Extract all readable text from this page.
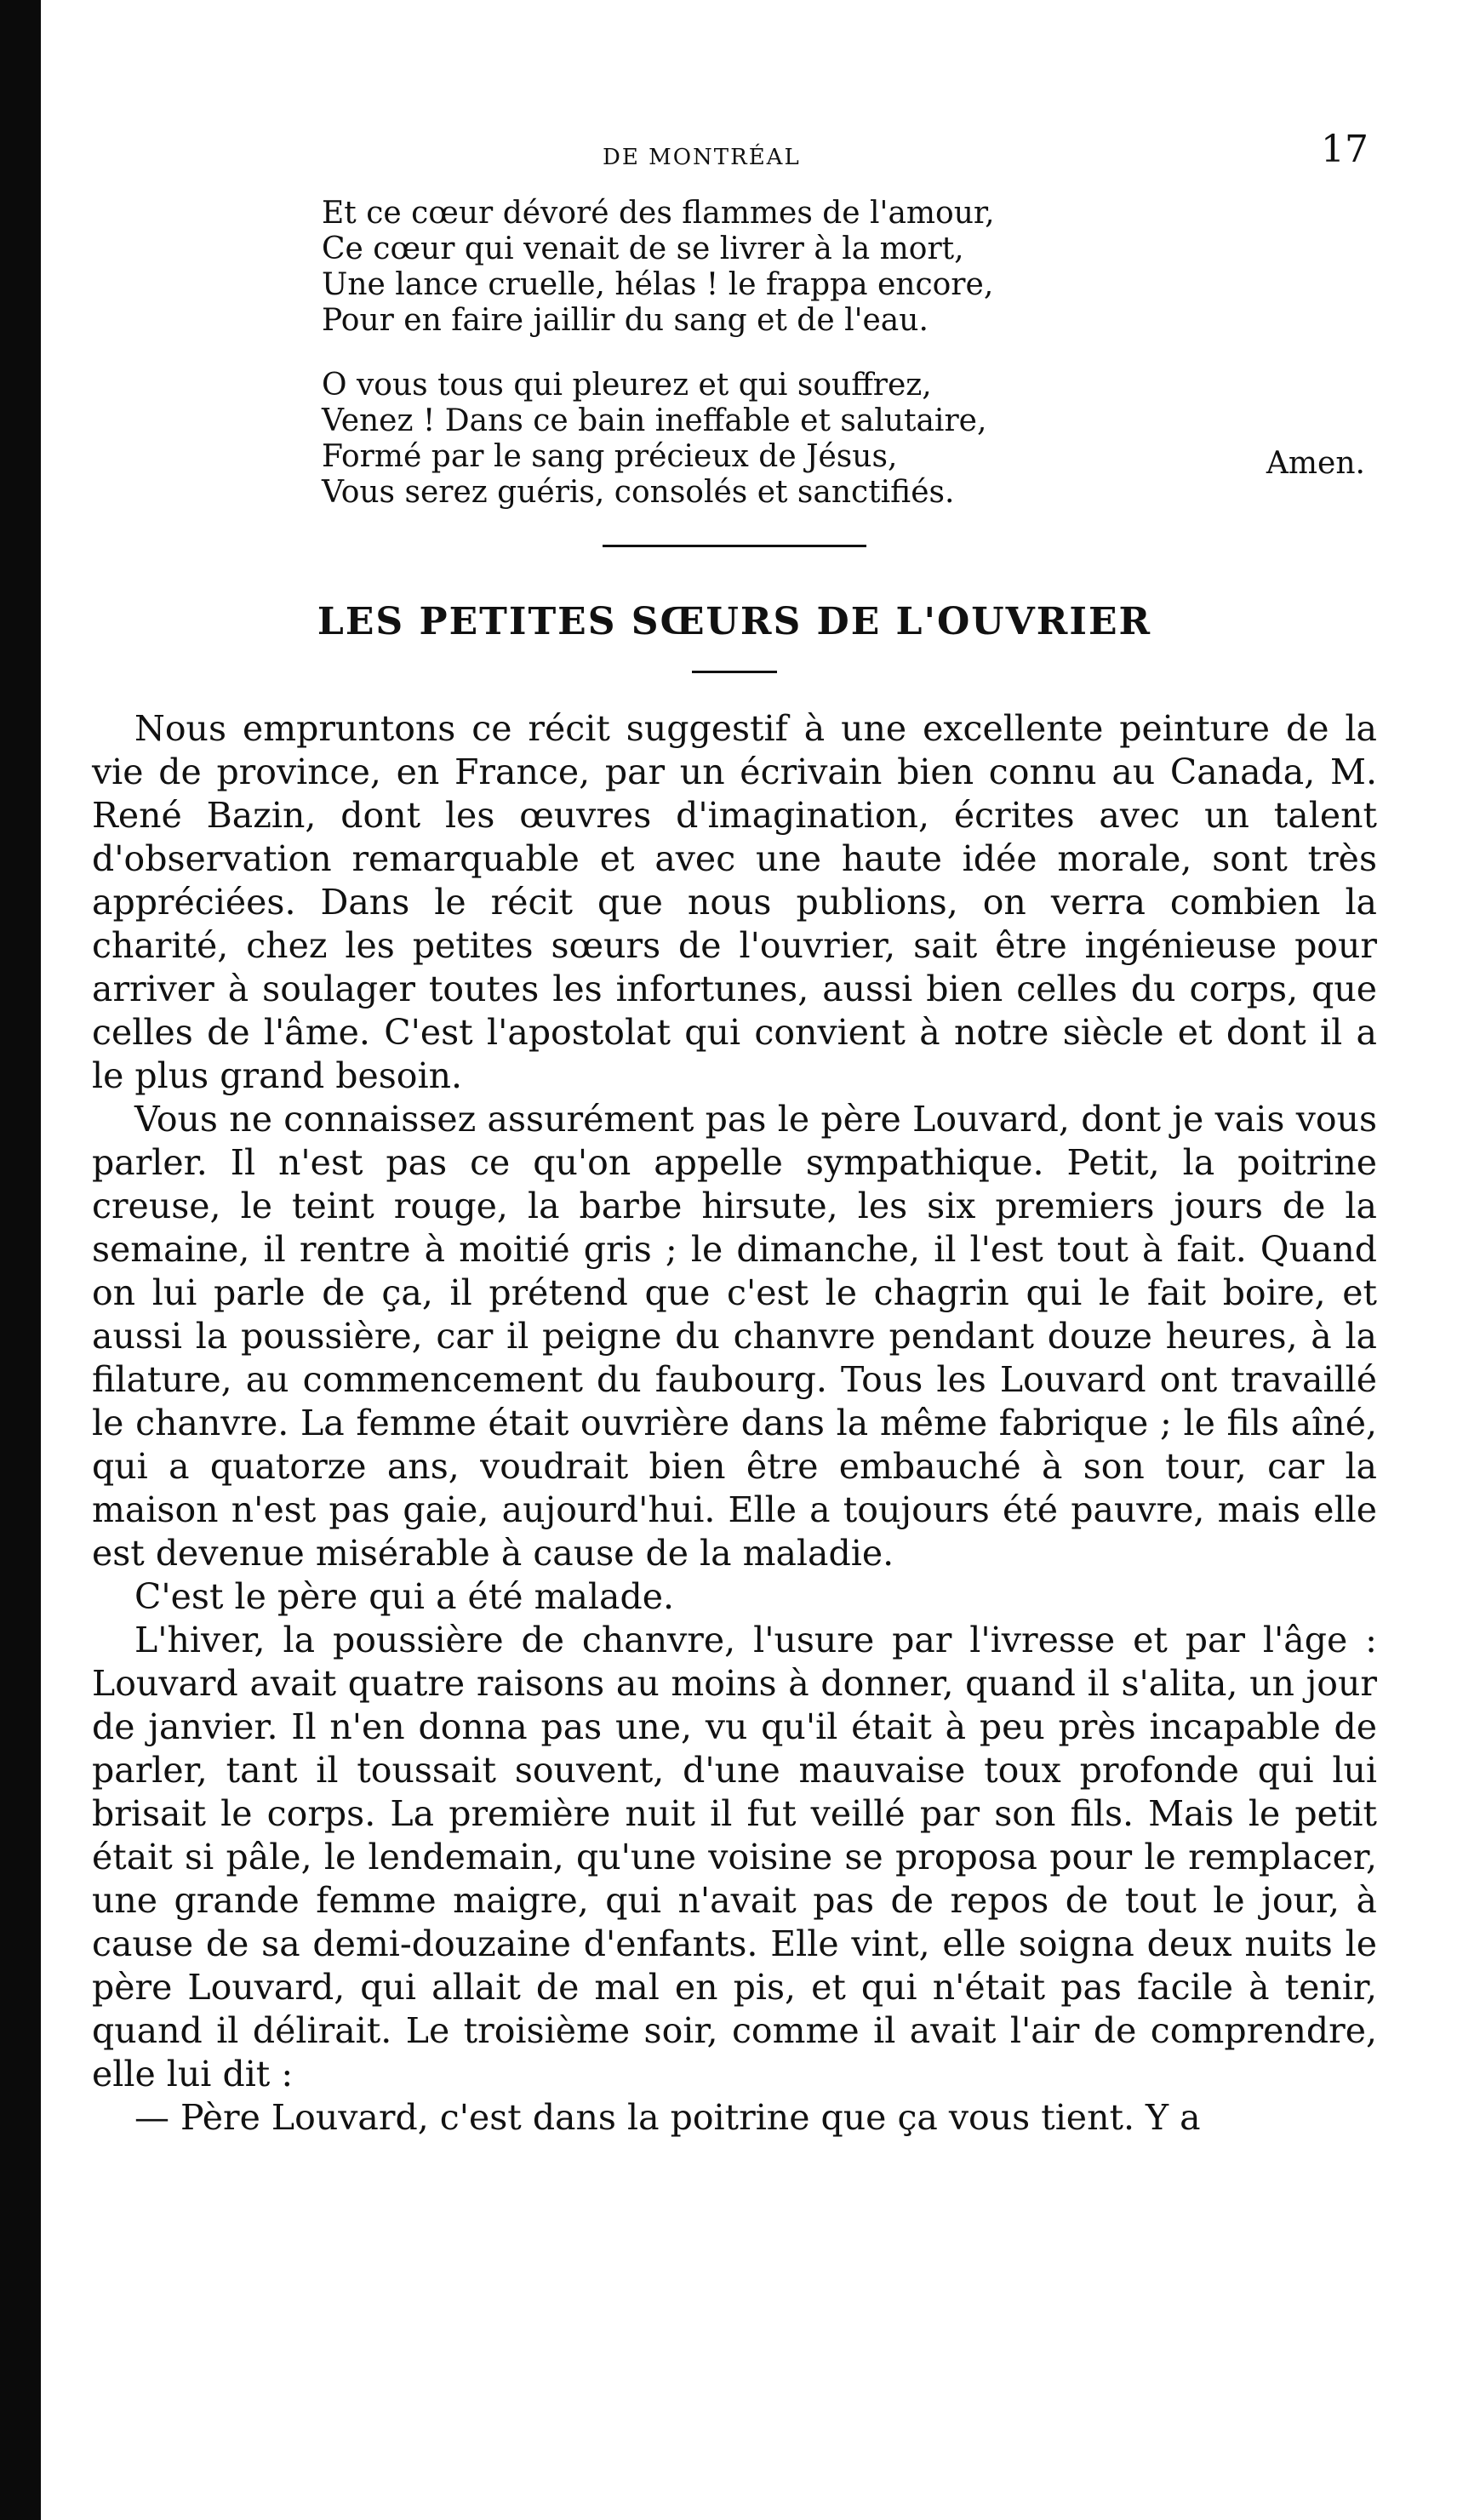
DE MONTRÉAL	17
Et ce cœur dévoré des flammes de l'amour,
Ce cœur qui venait de se livrer à la mort,
Une lance cruelle, hélas ! le frappa encore,
Pour en faire jaillir du sang et de l'eau.
O vous tous qui pleurez et qui souffrez,
Venez ! Dans ce bain ineffable et salutaire,
Formé par le sang précieux de Jésus,
Vous serez guéris, consolés et sanctifiés.
Amen.
LES PETITES SŒURS DE L'OUVRIER

Nous empruntons ce récit suggestif à une excellente peinture de la vie de province, en France, par un écrivain bien connu au Canada, M. René Bazin, dont les œuvres d'imagination, écrites avec un talent d'observation remarquable et avec une haute idée morale, sont très appréciées. Dans le récit que nous publions, on verra combien la charité, chez les petites sœurs de l'ouvrier, sait être ingénieuse pour arriver à soulager toutes les infortunes, aussi bien celles du corps, que celles de l'âme. C'est l'apostolat qui convient à notre siècle et dont il a le plus grand besoin.

Vous ne connaissez assurément pas le père Louvard, dont je vais vous parler. Il n'est pas ce qu'on appelle sympathique. Petit, la poitrine creuse, le teint rouge, la barbe hirsute, les six premiers jours de la semaine, il rentre à moitié gris ; le dimanche, il l'est tout à fait. Quand on lui parle de ça, il prétend que c'est le chagrin qui le fait boire, et aussi la poussière, car il peigne du chanvre pendant douze heures, à la filature, au commencement du faubourg. Tous les Louvard ont travaillé le chanvre. La femme était ouvrière dans la même fabrique ; le fils aîné, qui a quatorze ans, voudrait bien être embauché à son tour, car la maison n'est pas gaie, aujourd'hui. Elle a toujours été pauvre, mais elle est devenue misérable à cause de la maladie.

C'est le père qui a été malade.

L'hiver, la poussière de chanvre, l'usure par l'ivresse et par l'âge : Louvard avait quatre raisons au moins à donner, quand il s'alita, un jour de janvier. Il n'en donna pas une, vu qu'il était à peu près incapable de parler, tant il toussait souvent, d'une mauvaise toux profonde qui lui brisait le corps. La première nuit il fut veillé par son fils. Mais le petit était si pâle, le lendemain, qu'une voisine se proposa pour le remplacer, une grande femme maigre, qui n'avait pas de repos de tout le jour, à cause de sa demi-douzaine d'enfants. Elle vint, elle soigna deux nuits le père Louvard, qui allait de mal en pis, et qui n'était pas facile à tenir, quand il délirait. Le troisième soir, comme il avait l'air de comprendre, elle lui dit :

— Père Louvard, c'est dans la poitrine que ça vous tient. Y a
